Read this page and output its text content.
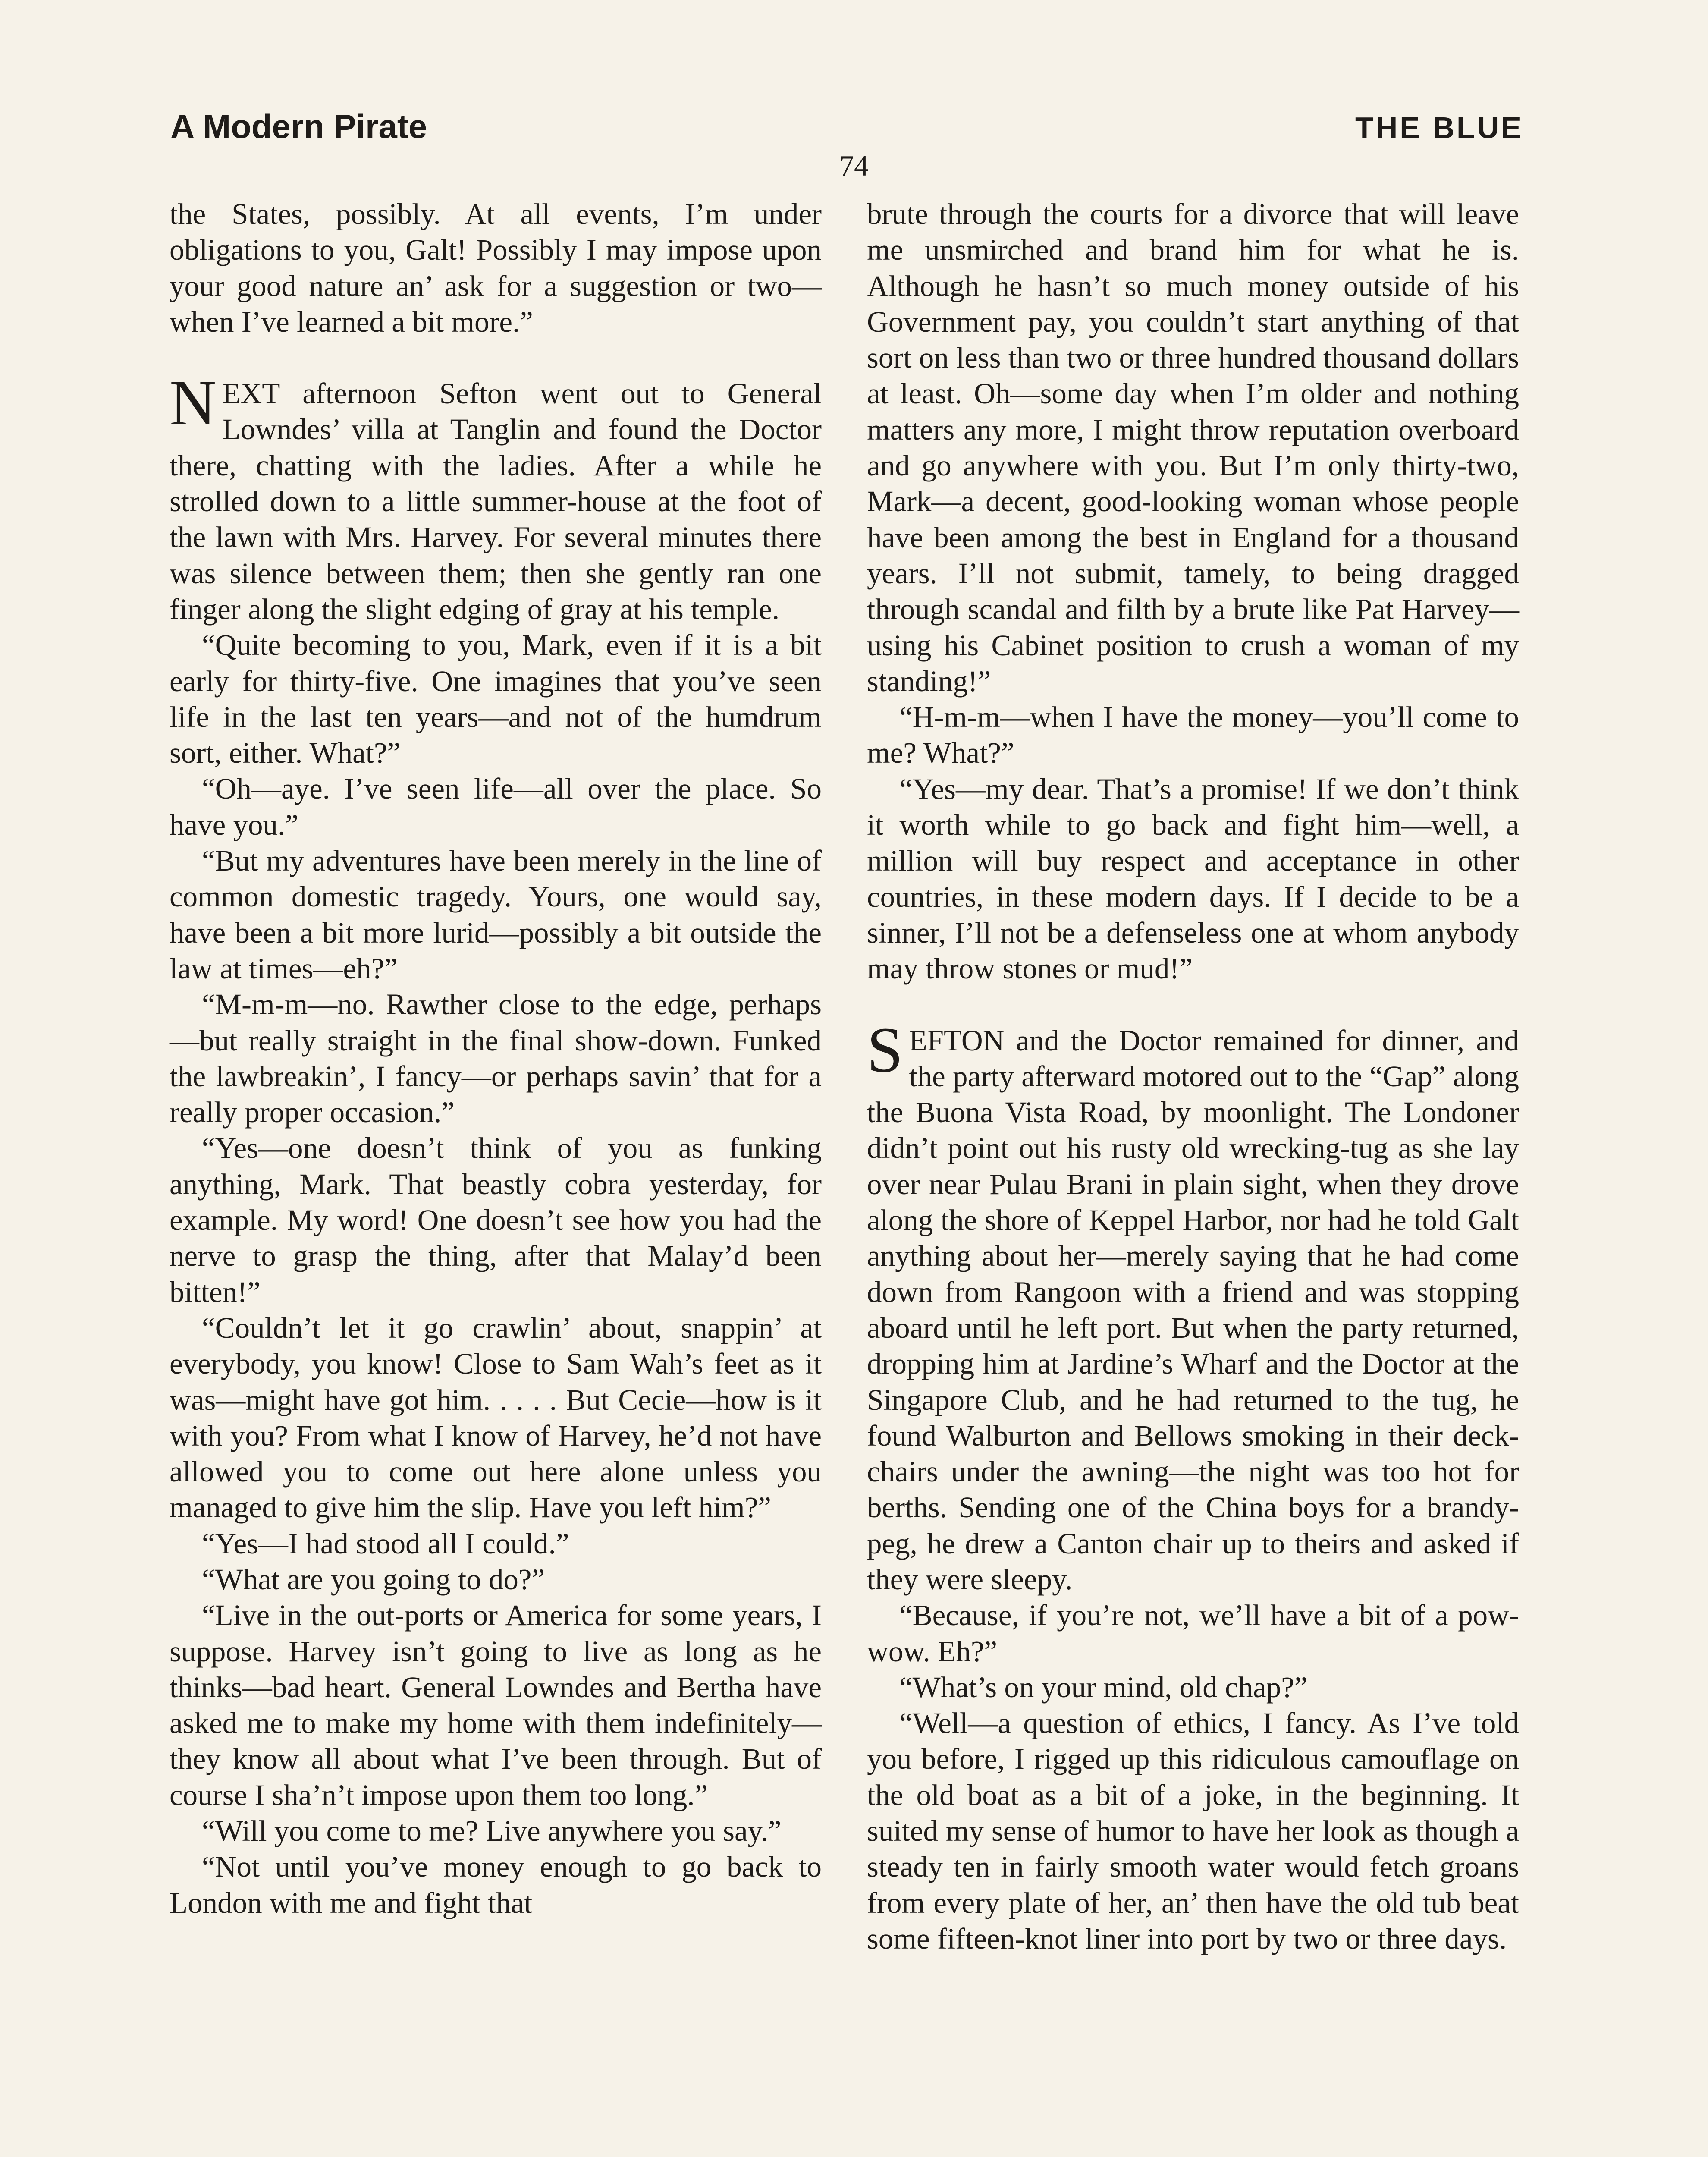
A Modern Pirate	THE BLUE
74

the States, possibly. At all events, I’m under obligations to you, Galt! Possibly I may impose upon your good nature an’ ask for a suggestion or two—when I’ve learned a bit more.”

NEXT afternoon Sefton went out to General Lowndes’ villa at Tanglin and found the Doctor there, chatting with the ladies. After a while he strolled down to a little summer-house at the foot of the lawn with Mrs. Harvey. For several minutes there was silence between them; then she gently ran one finger along the slight edging of gray at his temple.

“Quite becoming to you, Mark, even if it is a bit early for thirty-five. One imagines that you’ve seen life in the last ten years—and not of the humdrum sort, either. What?”

“Oh—aye. I’ve seen life—all over the place. So have you.”

“But my adventures have been merely in the line of common domestic tragedy. Yours, one would say, have been a bit more lurid—possibly a bit outside the law at times—eh?”

“M-m-m—no. Rawther close to the edge, perhaps—but really straight in the final show-down. Funked the lawbreakin’, I fancy—or perhaps savin’ that for a really proper occasion.”

“Yes—one doesn’t think of you as funking anything, Mark. That beastly cobra yesterday, for example. My word! One doesn’t see how you had the nerve to grasp the thing, after that Malay’d been bitten!”

“Couldn’t let it go crawlin’ about, snappin’ at everybody, you know! Close to Sam Wah’s feet as it was—might have got him. . . . . But Cecie—how is it with you? From what I know of Harvey, he’d not have allowed you to come out here alone unless you managed to give him the slip. Have you left him?”

“Yes—I had stood all I could.”

“What are you going to do?”

“Live in the out-ports or America for some years, I suppose. Harvey isn’t going to live as long as he thinks—bad heart. General Lowndes and Bertha have asked me to make my home with them indefinitely—they know all about what I’ve been through. But of course I sha’n’t impose upon them too long.”

“Will you come to me? Live anywhere you say.”

“Not until you’ve money enough to go back to London with me and fight that

brute through the courts for a divorce that will leave me unsmirched and brand him for what he is. Although he hasn’t so much money outside of his Government pay, you couldn’t start anything of that sort on less than two or three hundred thousand dollars at least. Oh—some day when I’m older and nothing matters any more, I might throw reputation overboard and go anywhere with you. But I’m only thirty-two, Mark—a decent, good-looking woman whose people have been among the best in England for a thousand years. I’ll not submit, tamely, to being dragged through scandal and filth by a brute like Pat Harvey—using his Cabinet position to crush a woman of my standing!”

“H-m-m—when I have the money—you’ll come to me? What?”

“Yes—my dear. That’s a promise! If we don’t think it worth while to go back and fight him—well, a million will buy respect and acceptance in other countries, in these modern days. If I decide to be a sinner, I’ll not be a defenseless one at whom anybody may throw stones or mud!”

SEFTON and the Doctor remained for dinner, and the party afterward motored out to the “Gap” along the Buona Vista Road, by moonlight. The Londoner didn’t point out his rusty old wrecking-tug as she lay over near Pulau Brani in plain sight, when they drove along the shore of Keppel Harbor, nor had he told Galt anything about her—merely saying that he had come down from Rangoon with a friend and was stopping aboard until he left port. But when the party returned, dropping him at Jardine’s Wharf and the Doctor at the Singapore Club, and he had returned to the tug, he found Walburton and Bellows smoking in their deck-chairs under the awning—the night was too hot for berths. Sending one of the China boys for a brandy-peg, he drew a Canton chair up to theirs and asked if they were sleepy.

“Because, if you’re not, we’ll have a bit of a pow-wow. Eh?”

“What’s on your mind, old chap?”

“Well—a question of ethics, I fancy. As I’ve told you before, I rigged up this ridiculous camouflage on the old boat as a bit of a joke, in the beginning. It suited my sense of humor to have her look as though a steady ten in fairly smooth water would fetch groans from every plate of her, an’ then have the old tub beat some fifteen-knot liner into port by two or three days.
